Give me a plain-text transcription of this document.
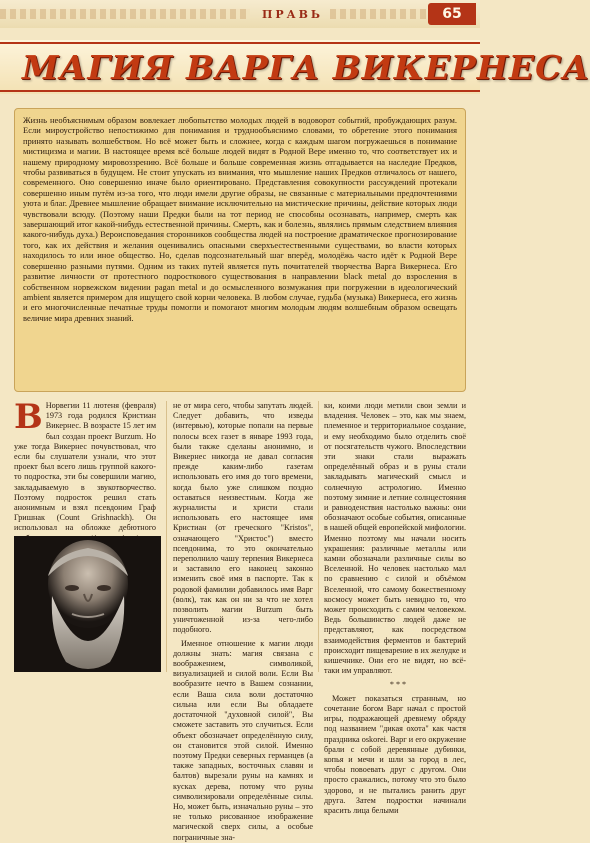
ПРАВЬ	65
МАГИЯ ВАРГА ВИКЕРНЕСА
Жизнь необъяснимым образом вовлекает любопытство молодых людей в водоворот событий, пробуждающих разум. Если мироустройство непостижимо для понимания и труднообъяснимо словами, то обретение этого понимания принято называть волшебством. Но всё может быть и сложнее, когда с каждым шагом погружаешься в понимание мистицизма и магии. В настоящее время всё больше людей видят в Родной Вере именно то, что соответствует их и нашему природному мировоззрению. Всё больше и больше современная жизнь отгадывается на наследие Предков, чтобы развиваться в будущем. Не стоит упускать из внимания, что мышление наших Предков отличалось от нашего, современного. Оно совершенно иначе было ориентировано. Представления совокупности рассуждений протекали совершенно иным путём из-за того, что люди имели другие образы, не связанные с материальными предпочтениями уюта и благ. Древнее мышление обращает внимание исключительно на мистические причины, действие которых люди чувствовали всюду. (Поэтому наши Предки были на тот период не способны осознавать, например, смерть как завершающий итог какой-нибудь естественной причины. Смерть, как и болезнь, являлись прямым следствием влияния какого-нибудь духа.) Вероисповедания сторонников сообщества людей на построение драматическое прогнозирование того, как их действия и желания оценивались опасными сверхъестественными существами, во власти которых находилось то или иное общество. Но, сделав подсознательный шаг вперёд, молодёжь часто идёт к Родной Вере совершенно разными путями. Одним из таких путей является путь почитателей творчества Варга Викернеса. Его развитие личности от протестного подросткового существования в направлении black metal до взросления в собственном норвежском видении pagan metal и до осмысленного возмужания при погружении в идеологический ambient является примером для ищущего свой корни человека. В любом случае, гудьба (музыка) Викернеса, его жизнь и его многочисленные печатные труды помогли и помогают многим молодым людям волшебным образом освещать величие мира древних знаний.
В Норвегии 11 лютеня (февраля) 1973 года родился Кристиан Викернес. В возрасте 15 лет им был создан проект Burzum. Но уже тогда Викернес почувствовал, что если бы слушатели узнали, что этот проект был всего лишь группой какого-то подростка, эти бы совершили магию, закладываемую в звукотворчество. Поэтому подросток решил стать анонимным и взял псевдоним Граф Гришнак (Count Grishnackh). Он использовал на обложке дебютного

не от мира сего, чтобы запутать людей. Следует добавить, что изведы (интервью), которые попали на первые полосы всех газет в январе 1993 года, были также сделаны анонимно, и Викернес никогда не давал согласия прежде каким-либо газетам использовать его имя до того времени, когда было уже слишком поздно оставаться неизвестным. Когда же журналисты и христи стали использовать его настоящее имя Кристиан (от греческого "Kristos", означающего "Христос") вместо псевдонима, то это окончательно переполнило чашу терпения Викернеса и заставило его наконец законно изменить своё имя в паспорте. Так к родовой фамилии добавилось имя Варг (волк), так как он ни за что не хотел позволить магии Burzum быть уничтоженной из-за чего-либо подобного.

Именное отношение к магии люди должны знать: магия связана с воображением, символикой, визуализацией и силой воли. Если Вы вообразите нечто в Вашем сознании, если Ваша сила воли достаточно сильна или если Вы обладаете достаточной "духовной силой", Вы сможете заставить это случиться. Если объект обозначает определённую силу, он становится этой силой. Именно поэтому Предки северных германцев (а также западных, восточных славян и балтов) вырезали руны на камнях и кусках дерева, потому что руны символизировали определённые силы. Но, может быть, изначально руны – это не только рисованное изображение магической сверх силы, а особые пограничные зна-

ки, коими люди метили свои земли и владения. Человек – это, как мы знаем, племенное и территориальное создание, и ему необходимо было отделить своё от посягательств чужого. Впоследствии эти знаки стали выражать определённый образ и в руны стали закладывать магический смысл и солнечную астрологию. Именно поэтому зимние и летние солнцестояния и равноденствия настолько важны: они обозначают особые события, описанные в нашей общей европейской мифологии. Именно поэтому мы начали носить украшения: различные металлы или камни обозначали различные силы во Вселенной. Но человек настолько мал по сравнению с силой и объёмом Вселенной, что самому божественному космосу может быть невидно то, что может происходить с самим человеком. Ведь большинство людей даже не представляют, как посредством взаимодействия ферментов и бактерий происходит пищеварение в их желудке и кишечнике. Они его не видят, но всё-таки им управляют.

***

Может показаться странным, но сочетание богом Варг начал с простой игры, подражающей древнему обряду под названием "дикая охота" как частя праздника оskorei. Варг и его окружение брали с собой деревянные дубинки, копья и мечи и шли за город в лес, чтобы повоевать друг с другом. Они просто сражались, потому что это было здорово, и не пытались ранить друг друга. Затем подростки начинали красить лица белыми
